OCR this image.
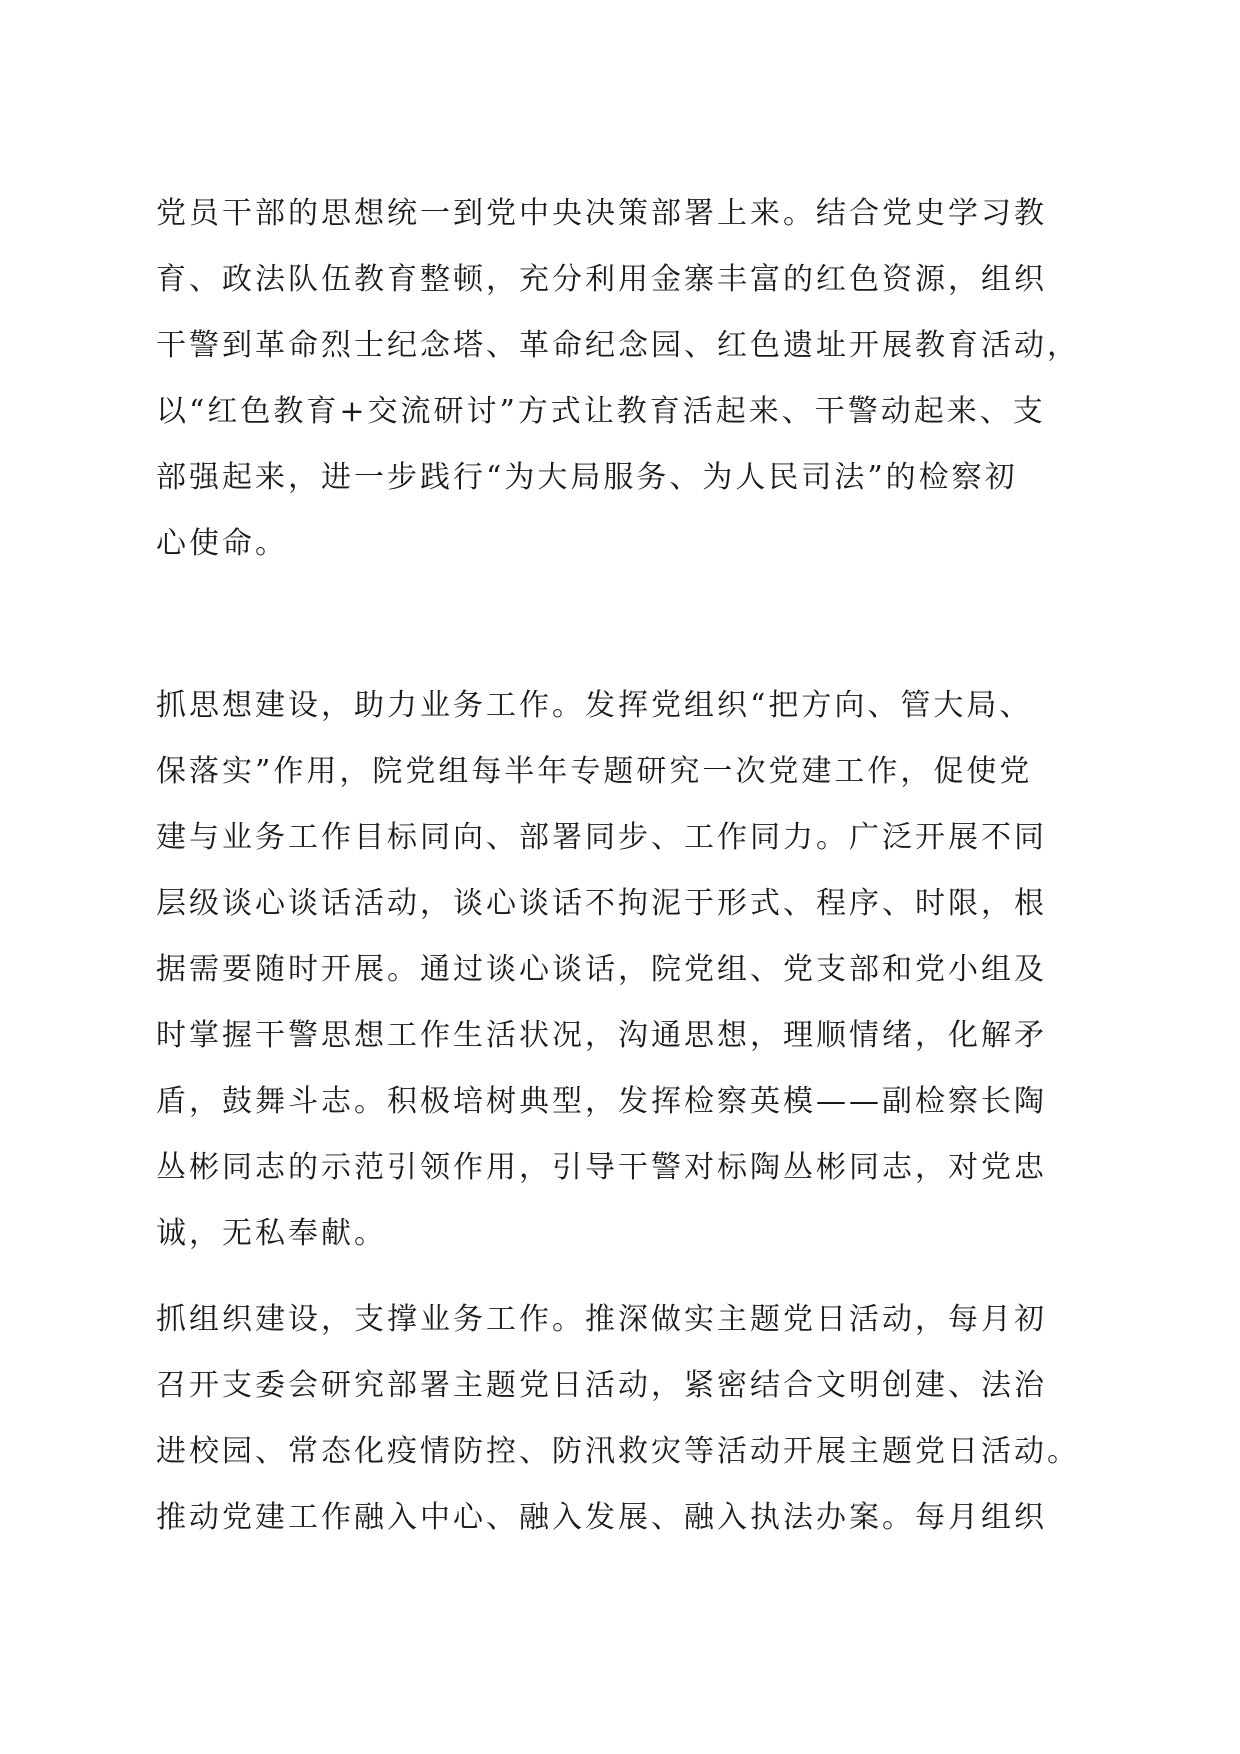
党员干部的思想统一到党中央决策部署上来。结合党史学习教
育、政法队伍教育整顿，充分利用金寨丰富的红色资源，组织
干警到革命烈士纪念塔、革命纪念园、红色遗址开展教育活动，
以“红色教育+交流研讨”方式让教育活起来、干警动起来、支
部强起来，进一步践行“为大局服务、为人民司法”的检察初
心使命。
抓思想建设，助力业务工作。发挥党组织“把方向、管大局、
保落实”作用，院党组每半年专题研究一次党建工作，促使党
建与业务工作目标同向、部署同步、工作同力。广泛开展不同
层级谈心谈话活动，谈心谈话不拘泥于形式、程序、时限，根
据需要随时开展。通过谈心谈话，院党组、党支部和党小组及
时掌握干警思想工作生活状况，沟通思想，理顺情绪，化解矛
盾，鼓舞斗志。积极培树典型，发挥检察英模——副检察长陶
丛彬同志的示范引领作用，引导干警对标陶丛彬同志，对党忠
诚，无私奉献。
抓组织建设，支撑业务工作。推深做实主题党日活动，每月初
召开支委会研究部署主题党日活动，紧密结合文明创建、法治
进校园、常态化疫情防控、防汛救灾等活动开展主题党日活动。
推动党建工作融入中心、融入发展、融入执法办案。每月组织
